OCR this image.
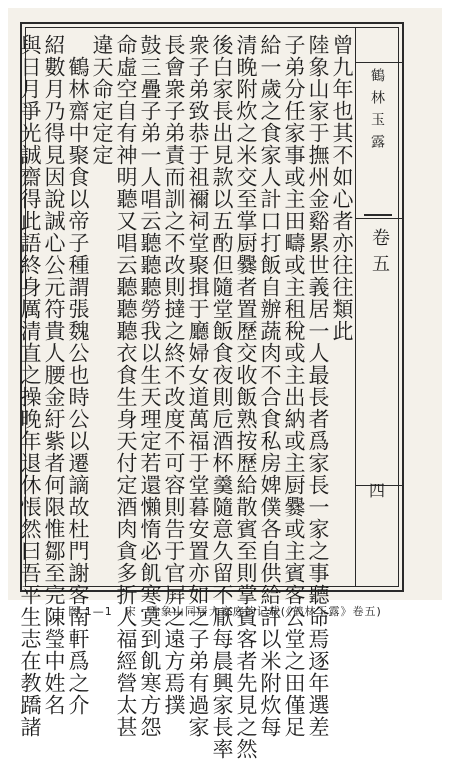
曾九年也其不如心者亦往往類此
陸象山家于撫州金谿累世義居一人最長者爲家長一家之事聽命焉逐年選差
子弟分任家事或主田疇或主租稅或主出納或主厨爨或主賓客公堂之田僅足
給一歲之食家人計口打飯自辦蔬肉不合食私房婢僕各自供給許以米附炊每
清晚附炊之米交至掌厨爨者置歷交收飯熟按歷給散賓至則掌賓客者先見之然
後白家長出見款以五酌但隨堂飯食夜則卮酒杯羹隨意久留不厭每晨興家長率
衆子弟致恭于祖禰祠堂聚揖于廳婦女道萬福于堂暮安置亦如之子弟有過家
長會衆子弟責而訓之不改則撻之終不改度不可容則告于官屛之遠方焉撲
鼓三疊子弟一人唱云聽聽聽勞我以生天理定若還懶惰必飢寒莫到飢寒方怨
命虛空自有神明聽又唱云聽聽聽衣食生身天付定酒肉貪多折人福經營太甚
違天命定定定
鶴林齋中聚食以帝子種謂張魏公也時公以遷謫故杜門謝客南軒爲之介
紹數月乃得見因說誠心公元符貴人腰金紆紫者何限惟鄒至完陳瑩中姓名
與日月爭光誠齋得此語終身厲清直之操晚年退休悵然曰吾平生志在教蹻諸	鶴林玉露
卷五
四
图 1—1　宋・陆象山同居大家庭的记载(《鹤林玉露》卷五)
